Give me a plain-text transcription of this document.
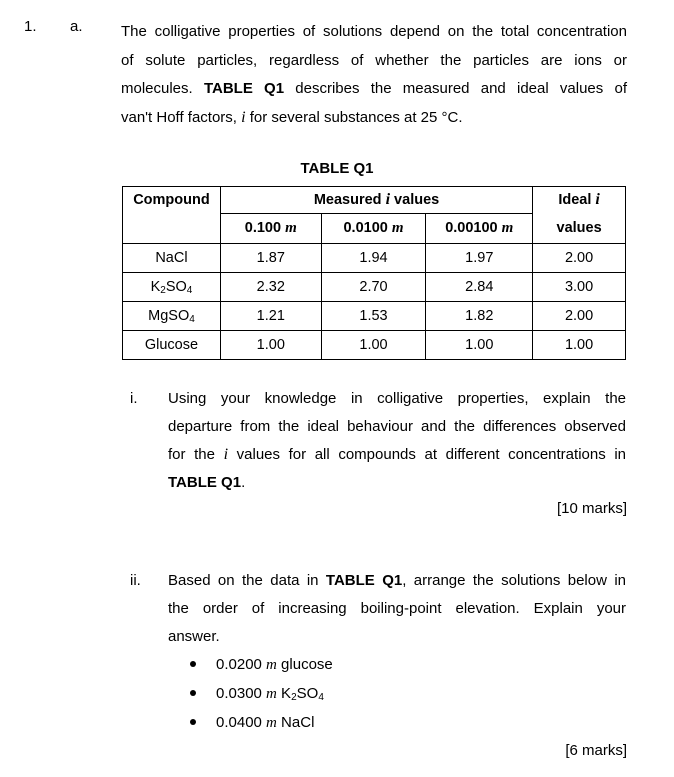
1. a.	The colligative properties of solutions depend on the total concentration
of solute particles, regardless of whether the particles are ions or
molecules. TABLE Q1 describes the measured and ideal values of
van't Hoff factors, i for several substances at 25 °C.
TABLE Q1
Compound	Measured i values			Ideal i
	0.100 m	0.0100 m	0.00100 m	values
NaCl	1.87	1.94	1.97	2.00
$K_2SO_4$	2.32	2.70	2.84	3.00
MgSO$_4$	1.21	1.53	1.82	2.00
Glucose	1.00	1.00	1.00	1.00
i. Using your knowledge in colligative properties, explain the
departure from the ideal behaviour and the differences observed
for the i values for all compounds at different concentrations in
TABLE Q1.
[10 marks]
ii. Based on the data in TABLE Q1, arrange the solutions below in
the order of increasing boiling-point elevation. Explain your
answer.
0.0200 m glucose
0.0300 m $K_2SO_4$
0.0400 m NaCl
[6 marks]
